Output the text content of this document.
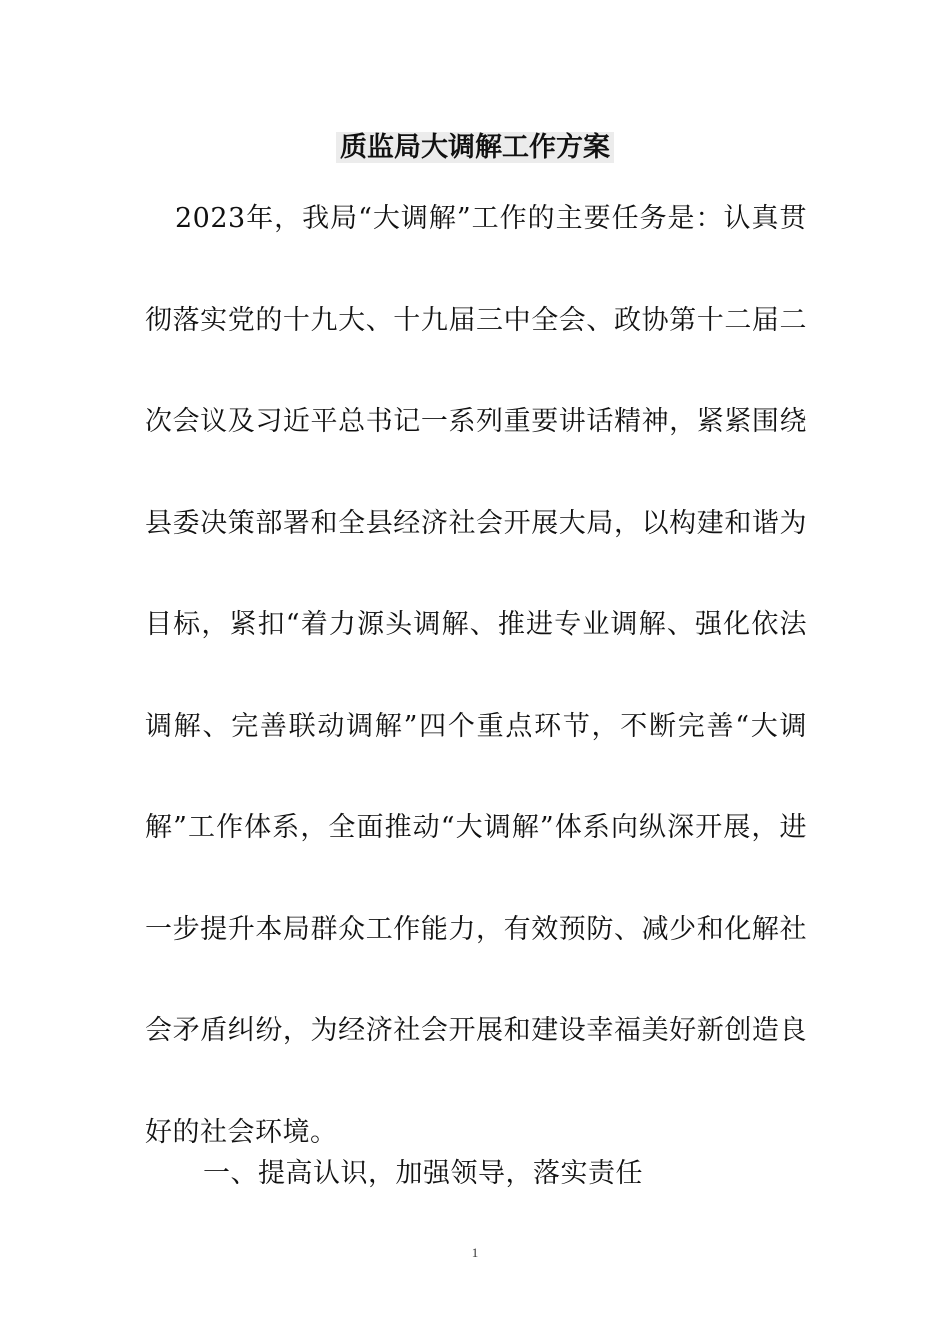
质监局大调解工作方案

2023年，我局“大调解”工作的主要任务是：认真贯彻落实党的十九大、十九届三中全会、政协第十二届二次会议及习近平总书记一系列重要讲话精神，紧紧围绕县委决策部署和全县经济社会开展大局，以构建和谐为目标，紧扣“着力源头调解、推进专业调解、强化依法调解、完善联动调解”四个重点环节，不断完善“大调解”工作体系，全面推动“大调解”体系向纵深开展，进一步提升本局群众工作能力，有效预防、减少和化解社会矛盾纠纷，为经济社会开展和建设幸福美好新创造良好的社会环境。

一、提高认识，加强领导，落实责任

1
